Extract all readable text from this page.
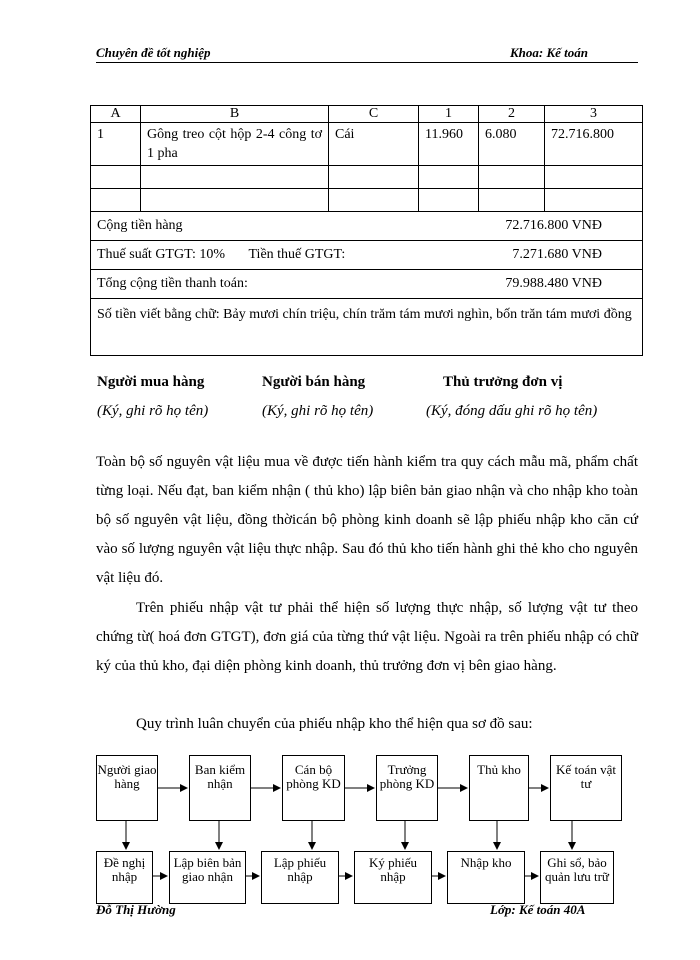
Chuyên đề tốt nghiệp	Khoa: Kế toán
A	B	C	1	2	3
1	Gông treo cột hộp 2-4 công tơ 1 pha	Cái	11.960	6.080	72.716.800

Cộng tiền hàng 72.716.800 VNĐ					

Thuế suất GTGT: 10% Tiền thuế GTGT: 7.271.680 VNĐ					

Tổng cộng tiền thanh toán: 79.988.480 VNĐ					

Số tiền viết bằng chữ: Bảy mươi chín triệu, chín trăm tám mươi nghìn, bốn trăn tám mươi đồng					
Người mua hàng	Người bán hàng	Thủ trưởng đơn vị
(Ký, ghi rõ họ tên)	(Ký, ghi rõ họ tên)	(Ký, đóng dấu ghi rõ họ tên)
Toàn bộ số nguyên vật liệu mua về được tiến hành kiểm tra quy cách mẫu mã, phẩm chất từng loại. Nếu đạt, ban kiểm nhận ( thủ kho) lập biên bản giao nhận và cho nhập kho toàn bộ số nguyên vật liệu, đồng thờicán bộ phòng kinh doanh sẽ lập phiếu nhập kho căn cứ vào số lượng nguyên vật liệu thực nhập. Sau đó thủ kho tiến hành ghi thẻ kho cho nguyên vật liệu đó.
Trên phiếu nhập vật tư phải thể hiện số lượng thực nhập, số lượng vật tư theo chứng từ( hoá đơn GTGT), đơn giá của từng thứ vật liệu. Ngoài ra trên phiếu nhập có chữ ký của thủ kho, đại diện phòng kinh doanh, thủ trưởng đơn vị bên giao hàng.
Quy trình luân chuyển của phiếu nhập kho thể hiện qua sơ đồ sau:
Người giao hàng
Ban kiểm nhận
Cán bộ phòng KD
Trưởng phòng KD
Thủ kho	Kế toán vật tư
Đề nghị nhập
Lập biên bản giao nhận
Lập phiếu nhập
Ký phiếu nhập
Nhập kho	Ghi sổ, bảo quản lưu trữ
Đỗ Thị Hường	Lớp: Kế toán 40A
